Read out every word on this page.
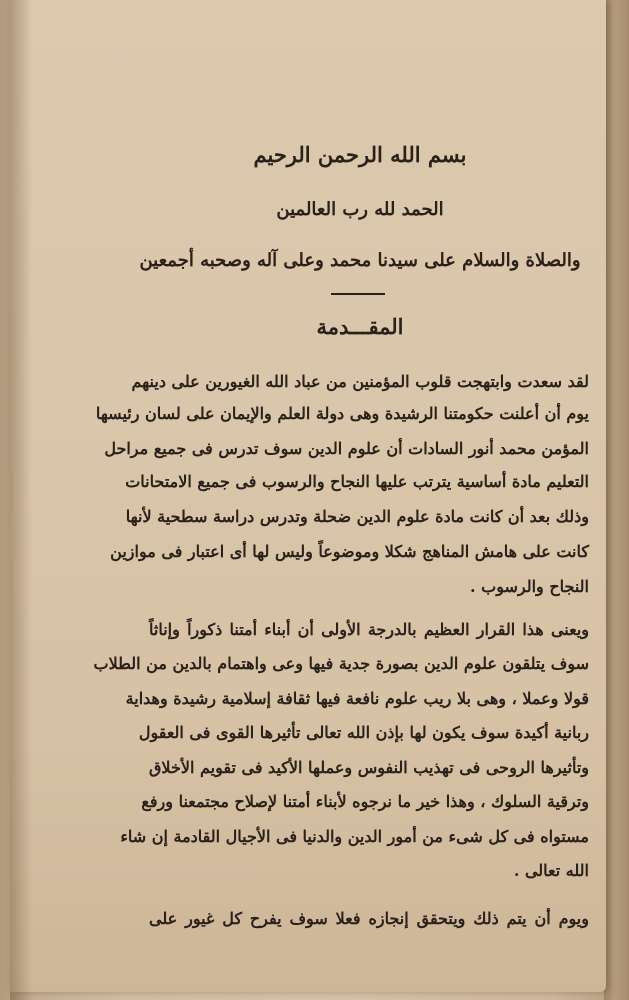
بسم الله الرحمن الرحيم
الحمد لله رب العالمين
والصلاة والسلام على سيدنا محمد وعلى آله وصحبه أجمعين
المقـــدمة
لقد سعدت وابتهجت قلوب المؤمنين من عباد الله الغيورين على دينهم
يوم أن أعلنت حكومتنا الرشيدة وهى دولة العلم والإيمان على لسان رئيسها
المؤمن محمد أنور السادات أن علوم الدين سوف تدرس فى جميع مراحل
التعليم مادة أساسية يترتب عليها النجاح والرسوب فى جميع الامتحانات
وذلك بعد أن كانت مادة علوم الدين ضحلة وتدرس دراسة سطحية لأنها
كانت على هامش المناهج شكلا وموضوعاً وليس لها أى اعتبار فى موازين
النجاح والرسوب .
ويعنى هذا القرار العظيم بالدرجة الأولى أن أبناء أمتنا ذكوراً وإناثاً
سوف يتلقون علوم الدين بصورة جدية فيها وعى واهتمام بالدين من الطلاب
قولا وعملا ، وهى بلا ريب علوم نافعة فيها ثقافة إسلامية رشيدة وهداية
ربانية أكيدة سوف يكون لها بإذن الله تعالى تأثيرها القوى فى العقول
وتأثيرها الروحى فى تهذيب النفوس وعملها الأكيد فى تقويم الأخلاق
وترقية السلوك ، وهذا خير ما نرجوه لأبناء أمتنا لإصلاح مجتمعنا ورفع
مستواه فى كل شىء من أمور الدين والدنيا فى الأجيال القادمة إن شاء
الله تعالى .
ويوم أن يتم ذلك ويتحقق إنجازه فعلا سوف يفرح كل غيور على
